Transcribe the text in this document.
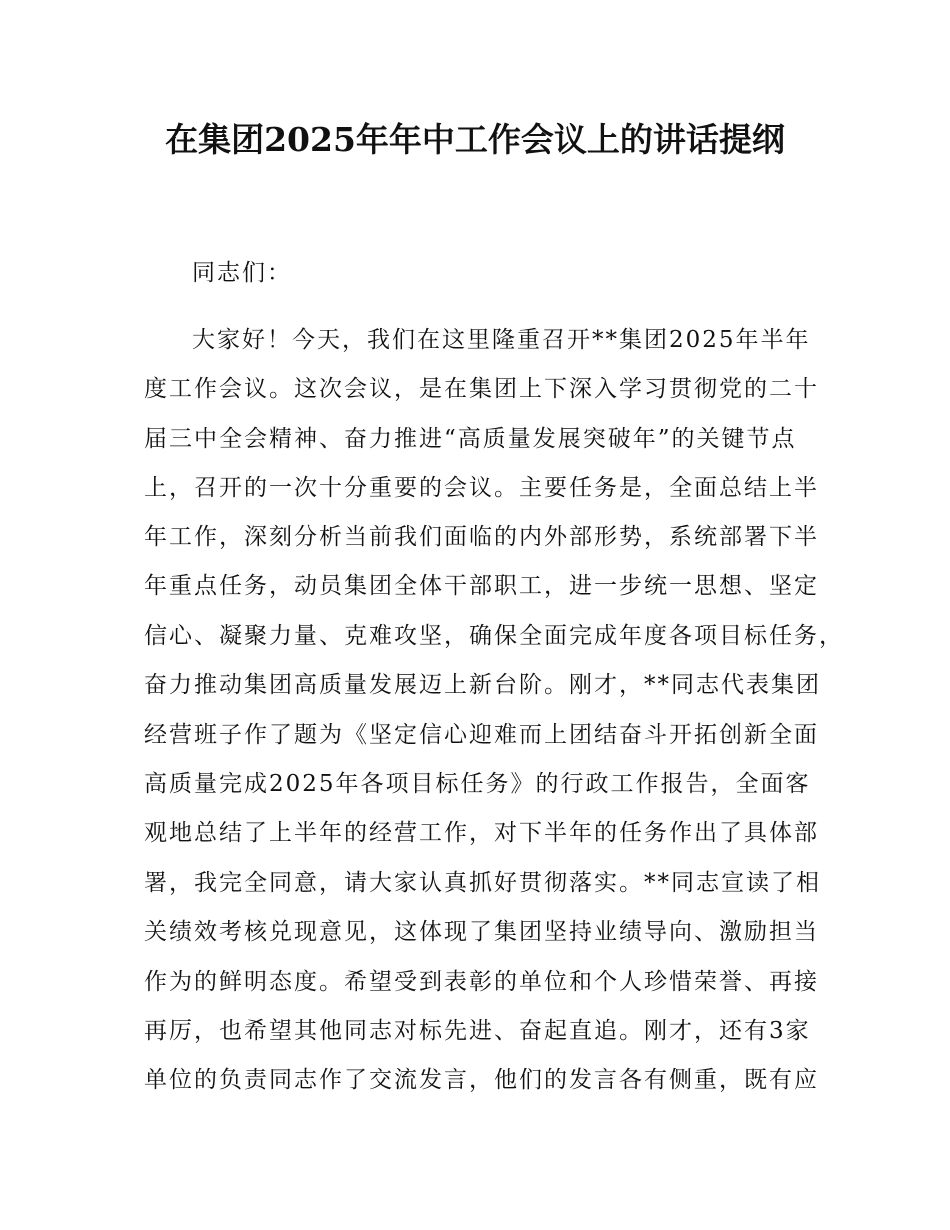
在集团2025年年中工作会议上的讲话提纲
同志们：
大家好！今天，我们在这里隆重召开**集团2025年半年
度工作会议。这次会议，是在集团上下深入学习贯彻党的二十
届三中全会精神、奋力推进“高质量发展突破年”的关键节点
上，召开的一次十分重要的会议。主要任务是，全面总结上半
年工作，深刻分析当前我们面临的内外部形势，系统部署下半
年重点任务，动员集团全体干部职工，进一步统一思想、坚定
信心、凝聚力量、克难攻坚，确保全面完成年度各项目标任务，
奋力推动集团高质量发展迈上新台阶。刚才，**同志代表集团
经营班子作了题为《坚定信心迎难而上团结奋斗开拓创新全面
高质量完成2025年各项目标任务》的行政工作报告，全面客
观地总结了上半年的经营工作，对下半年的任务作出了具体部
署，我完全同意，请大家认真抓好贯彻落实。**同志宣读了相
关绩效考核兑现意见，这体现了集团坚持业绩导向、激励担当
作为的鲜明态度。希望受到表彰的单位和个人珍惜荣誉、再接
再厉，也希望其他同志对标先进、奋起直追。刚才，还有3家
单位的负责同志作了交流发言，他们的发言各有侧重，既有应
